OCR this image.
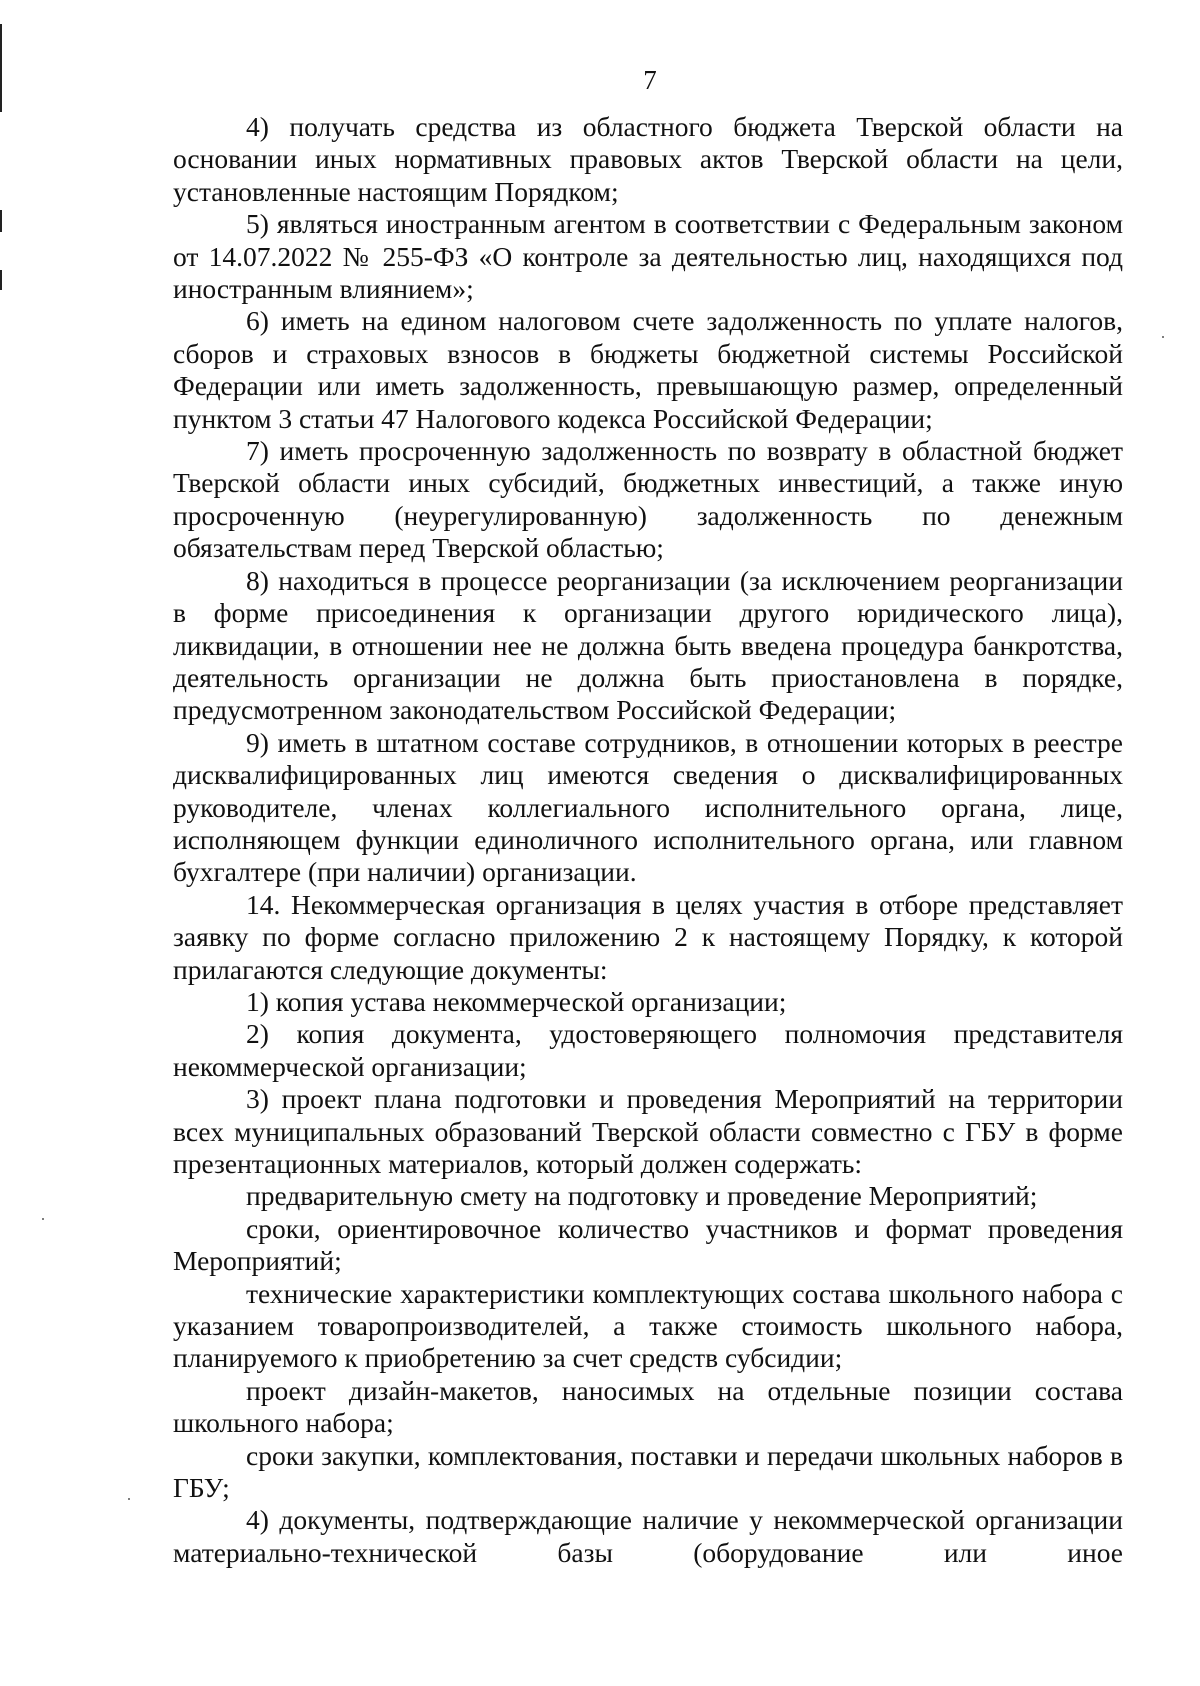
7

4) получать средства из областного бюджета Тверской области на основании иных нормативных правовых актов Тверской области на цели, установленные настоящим Порядком;

5) являться иностранным агентом в соответствии с Федеральным законом от 14.07.2022 № 255-ФЗ «О контроле за деятельностью лиц, находящихся под иностранным влиянием»;

6) иметь на едином налоговом счете задолженность по уплате налогов, сборов и страховых взносов в бюджеты бюджетной системы Российской Федерации или иметь задолженность, превышающую размер, определенный пунктом 3 статьи 47 Налогового кодекса Российской Федерации;

7) иметь просроченную задолженность по возврату в областной бюджет Тверской области иных субсидий, бюджетных инвестиций, а также иную просроченную (неурегулированную) задолженность по денежным обязательствам перед Тверской областью;

8) находиться в процессе реорганизации (за исключением реорганизации в форме присоединения к организации другого юридического лица), ликвидации, в отношении нее не должна быть введена процедура банкротства, деятельность организации не должна быть приостановлена в порядке, предусмотренном законодательством Российской Федерации;

9) иметь в штатном составе сотрудников, в отношении которых в реестре дисквалифицированных лиц имеются сведения о дисквалифицированных руководителе, членах коллегиального исполнительного органа, лице, исполняющем функции единоличного исполнительного органа, или главном бухгалтере (при наличии) организации.

14. Некоммерческая организация в целях участия в отборе представляет заявку по форме согласно приложению 2 к настоящему Порядку, к которой прилагаются следующие документы:

1) копия устава некоммерческой организации;

2) копия документа, удостоверяющего полномочия представителя некоммерческой организации;

3) проект плана подготовки и проведения Мероприятий на территории всех муниципальных образований Тверской области совместно с ГБУ в форме презентационных материалов, который должен содержать:

предварительную смету на подготовку и проведение Мероприятий;

сроки, ориентировочное количество участников и формат проведения Мероприятий;

технические характеристики комплектующих состава школьного набора с указанием товаропроизводителей, а также стоимость школьного набора, планируемого к приобретению за счет средств субсидии;

проект дизайн-макетов, наносимых на отдельные позиции состава школьного набора;

сроки закупки, комплектования, поставки и передачи школьных наборов в ГБУ;

4) документы, подтверждающие наличие у некоммерческой организации материально-технической базы (оборудование или иное
